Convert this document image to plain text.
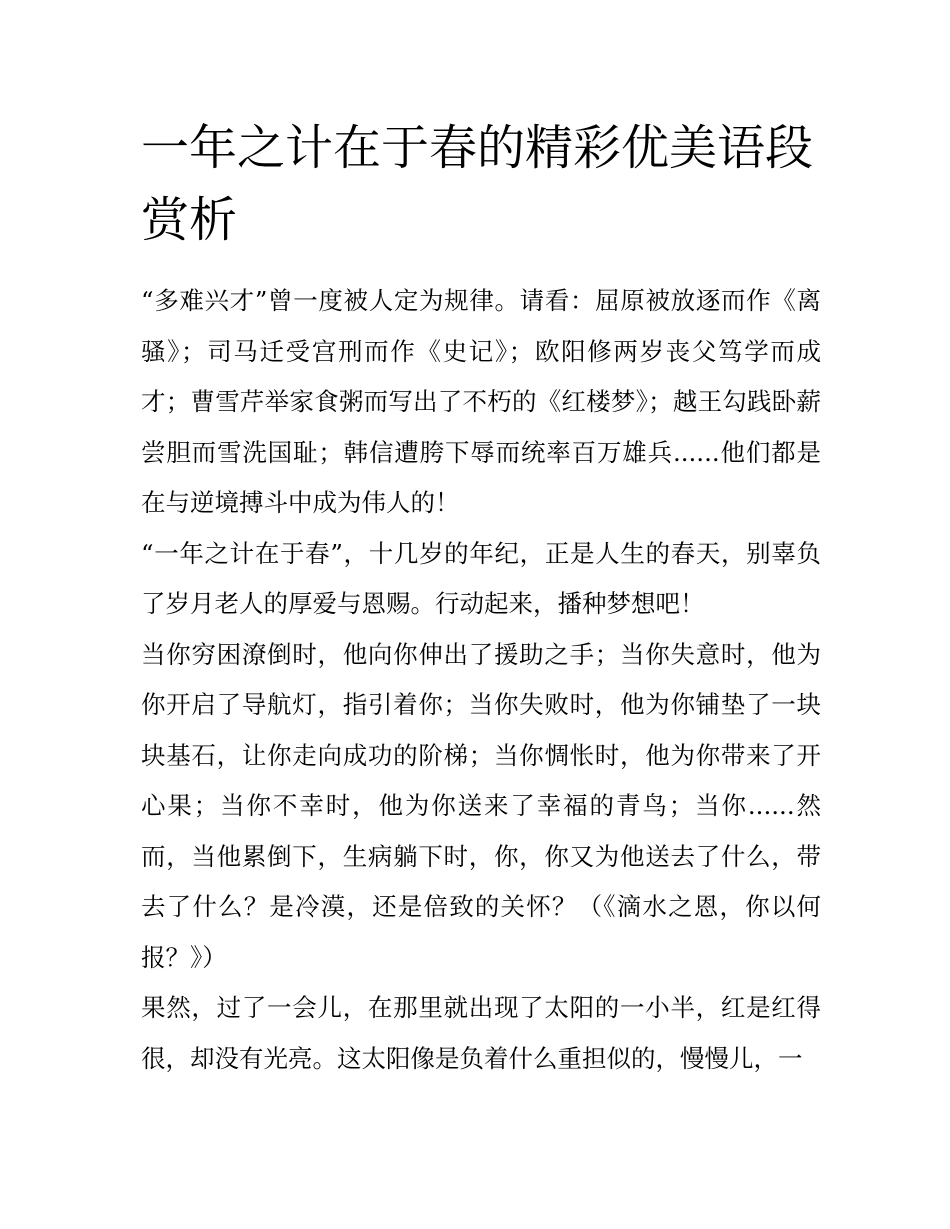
一年之计在于春的精彩优美语段赏析

“多难兴才”曾一度被人定为规律。请看：屈原被放逐而作《离骚》；司马迁受宫刑而作《史记》；欧阳修两岁丧父笃学而成才；曹雪芹举家食粥而写出了不朽的《红楼梦》；越王勾践卧薪尝胆而雪洗国耻；韩信遭胯下辱而统率百万雄兵......他们都是在与逆境搏斗中成为伟人的！

“一年之计在于春”，十几岁的年纪，正是人生的春天，别辜负了岁月老人的厚爱与恩赐。行动起来，播种梦想吧！

当你穷困潦倒时，他向你伸出了援助之手；当你失意时，他为你开启了导航灯，指引着你；当你失败时，他为你铺垫了一块块基石，让你走向成功的阶梯；当你惆怅时，他为你带来了开心果；当你不幸时，他为你送来了幸福的青鸟；当你......然而，当他累倒下，生病躺下时，你，你又为他送去了什么，带去了什么？是冷漠，还是倍致的关怀？（《滴水之恩，你以何报？》）

果然，过了一会儿，在那里就出现了太阳的一小半，红是红得很，却没有光亮。这太阳像是负着什么重担似的，慢慢儿，一
